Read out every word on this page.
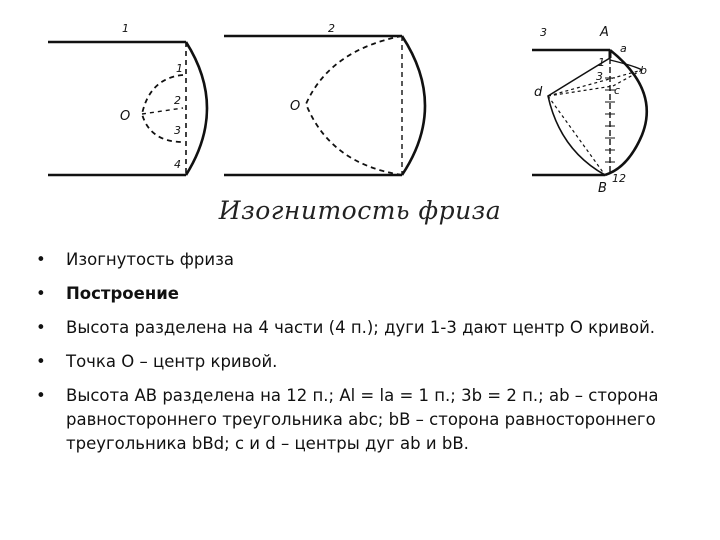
1	2	3
O
1
2
3
4
O
A
a
b
1
3
c
d
B
12
Изогнитость фриза
• Изогнутость фриза
• Построение
• Высота разделена на 4 части (4 п.); дуги 1-3 дают центр О кривой.
• Точка О – центр кривой.
• Высота АВ разделена на 12 п.; Аl = la = 1 п.; 3b = 2 п.; ab – сторона равностороннего треугольника abc; bB – сторона равностороннего треугольника bBd; c и d – центры дуг ab и bB.
